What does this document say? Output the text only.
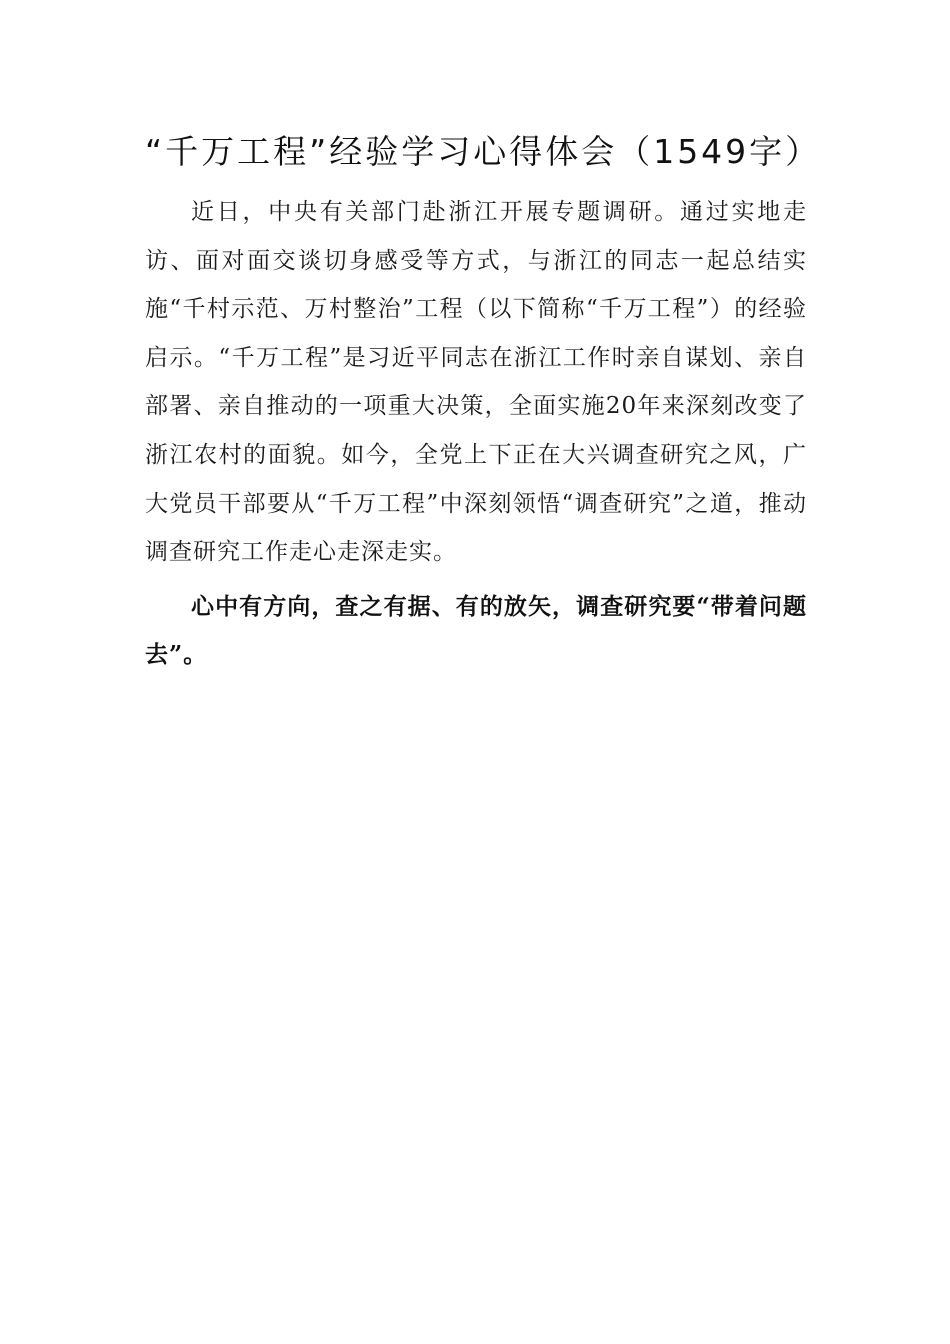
“千万工程”经验学习心得体会（1549字）

近日，中央有关部门赴浙江开展专题调研。通过实地走访、面对面交谈切身感受等方式，与浙江的同志一起总结实施“千村示范、万村整治”工程（以下简称“千万工程”）的经验启示。“千万工程”是习近平同志在浙江工作时亲自谋划、亲自部署、亲自推动的一项重大决策，全面实施20年来深刻改变了浙江农村的面貌。如今，全党上下正在大兴调查研究之风，广大党员干部要从“千万工程”中深刻领悟“调查研究”之道，推动调查研究工作走心走深走实。

心中有方向，查之有据、有的放矢，调查研究要“带着问题去”。
